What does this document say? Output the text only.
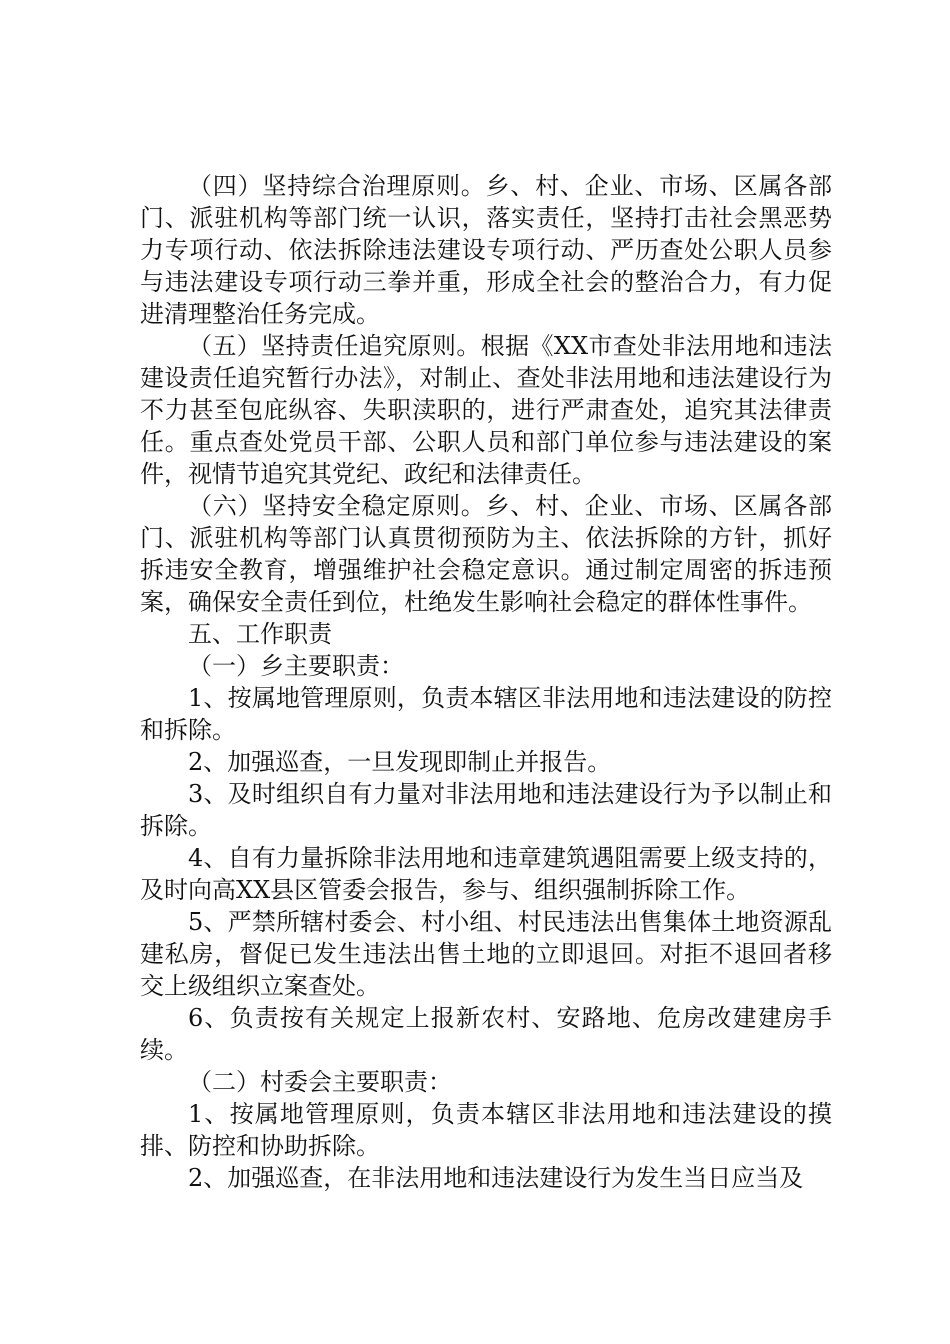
（四）坚持综合治理原则。乡、村、企业、市场、区属各部门、派驻机构等部门统一认识，落实责任，坚持打击社会黑恶势力专项行动、依法拆除违法建设专项行动、严历查处公职人员参与违法建设专项行动三拳并重，形成全社会的整治合力，有力促进清理整治任务完成。

（五）坚持责任追究原则。根据《XX市查处非法用地和违法建设责任追究暂行办法》，对制止、查处非法用地和违法建设行为不力甚至包庇纵容、失职渎职的，进行严肃查处，追究其法律责任。重点查处党员干部、公职人员和部门单位参与违法建设的案件，视情节追究其党纪、政纪和法律责任。

（六）坚持安全稳定原则。乡、村、企业、市场、区属各部门、派驻机构等部门认真贯彻预防为主、依法拆除的方针，抓好拆违安全教育，增强维护社会稳定意识。通过制定周密的拆违预案，确保安全责任到位，杜绝发生影响社会稳定的群体性事件。

五、工作职责

（一）乡主要职责：

1、按属地管理原则，负责本辖区非法用地和违法建设的防控和拆除。

2、加强巡查，一旦发现即制止并报告。

3、及时组织自有力量对非法用地和违法建设行为予以制止和拆除。

4、自有力量拆除非法用地和违章建筑遇阻需要上级支持的，及时向高XX县区管委会报告，参与、组织强制拆除工作。

5、严禁所辖村委会、村小组、村民违法出售集体土地资源乱建私房，督促已发生违法出售土地的立即退回。对拒不退回者移交上级组织立案查处。

6、负责按有关规定上报新农村、安路地、危房改建建房手续。

（二）村委会主要职责：

1、按属地管理原则，负责本辖区非法用地和违法建设的摸排、防控和协助拆除。

2、加强巡查，在非法用地和违法建设行为发生当日应当及
